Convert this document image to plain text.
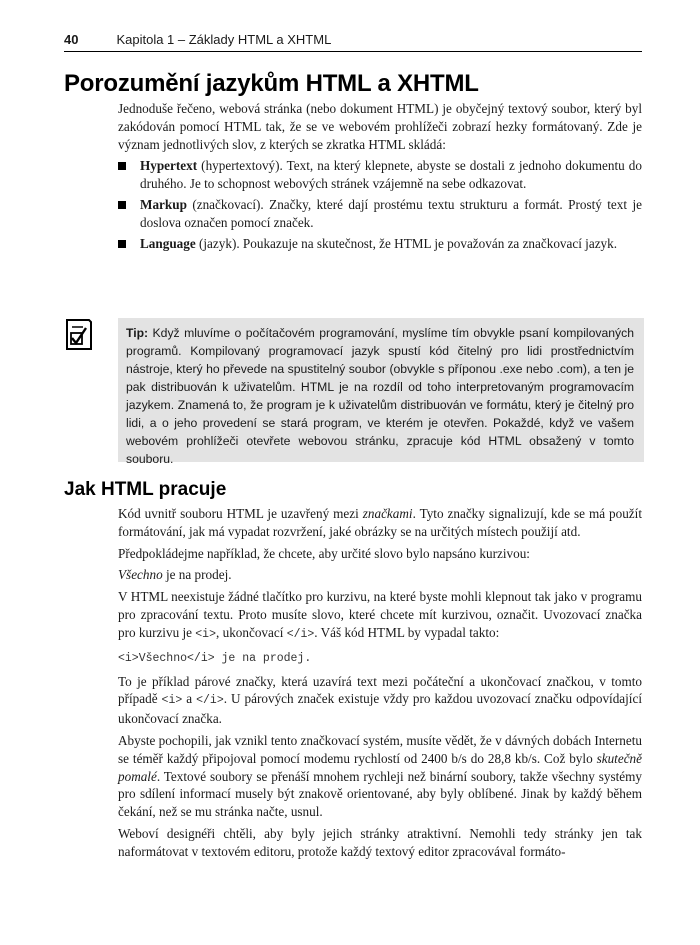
40	Kapitola 1 – Základy HTML a XHTML
Porozumění jazykům HTML a XHTML

Jednoduše řečeno, webová stránka (nebo dokument HTML) je obyčejný textový soubor, který byl zakódován pomocí HTML tak, že se ve webovém prohlížeči zobrazí hezky formátovaný. Zde je význam jednotlivých slov, z kterých se zkratka HTML skládá:

Hypertext (hypertextový). Text, na který klepnete, abyste se dostali z jednoho dokumentu do druhého. Je to schopnost webových stránek vzájemně na sebe odkazovat.
Markup (značkovací). Značky, které dají prostému textu strukturu a formát. Prostý text je doslova označen pomocí značek.
Language (jazyk). Poukazuje na skutečnost, že HTML je považován za značkovací jazyk.
Tip: Když mluvíme o počítačovém programování, myslíme tím obvykle psaní kompilovaných programů. Kompilovaný programovací jazyk spustí kód čitelný pro lidi prostřednictvím nástroje, který ho převede na spustitelný soubor (obvykle s příponou .exe nebo .com), a ten je pak distribuován k uživatelům. HTML je na rozdíl od toho interpretovaným programovacím jazykem. Znamená to, že program je k uživatelům distribuován ve formátu, který je čitelný pro lidi, a o jeho provedení se stará program, ve kterém je otevřen. Pokaždé, když ve vašem webovém prohlížeči otevřete webovou stránku, zpracuje kód HTML obsažený v tomto souboru.
Jak HTML pracuje

Kód uvnitř souboru HTML je uzavřený mezi značkami. Tyto značky signalizují, kde se má použít formátování, jak má vypadat rozvržení, jaké obrázky se na určitých místech použijí atd.

Předpokládejme například, že chcete, aby určité slovo bylo napsáno kurzivou:

Všechno je na prodej.

V HTML neexistuje žádné tlačítko pro kurzivu, na které byste mohli klepnout tak jako v programu pro zpracování textu. Proto musíte slovo, které chcete mít kurzivou, označit. Uvozovací značka pro kurzivu je <i>, ukončovací </i>. Váš kód HTML by vypadal takto:

<i>Všechno</i> je na prodej.

To je příklad párové značky, která uzavírá text mezi počáteční a ukončovací značkou, v tomto případě <i> a </i>. U párových značek existuje vždy pro každou uvozovací značku odpovídající ukončovací značka.

Abyste pochopili, jak vznikl tento značkovací systém, musíte vědět, že v dávných dobách Internetu se téměř každý připojoval pomocí modemu rychlostí od 2400 b/s do 28,8 kb/s. Což bylo skutečně pomalé. Textové soubory se přenáší mnohem rychleji než binární soubory, takže všechny systémy pro sdílení informací musely být znakově orientované, aby byly oblíbené. Jinak by každý během čekání, než se mu stránka načte, usnul.

Weboví designéři chtěli, aby byly jejich stránky atraktivní. Nemohli tedy stránky jen tak naformátovat v textovém editoru, protože každý textový editor zpracovával formáto-
